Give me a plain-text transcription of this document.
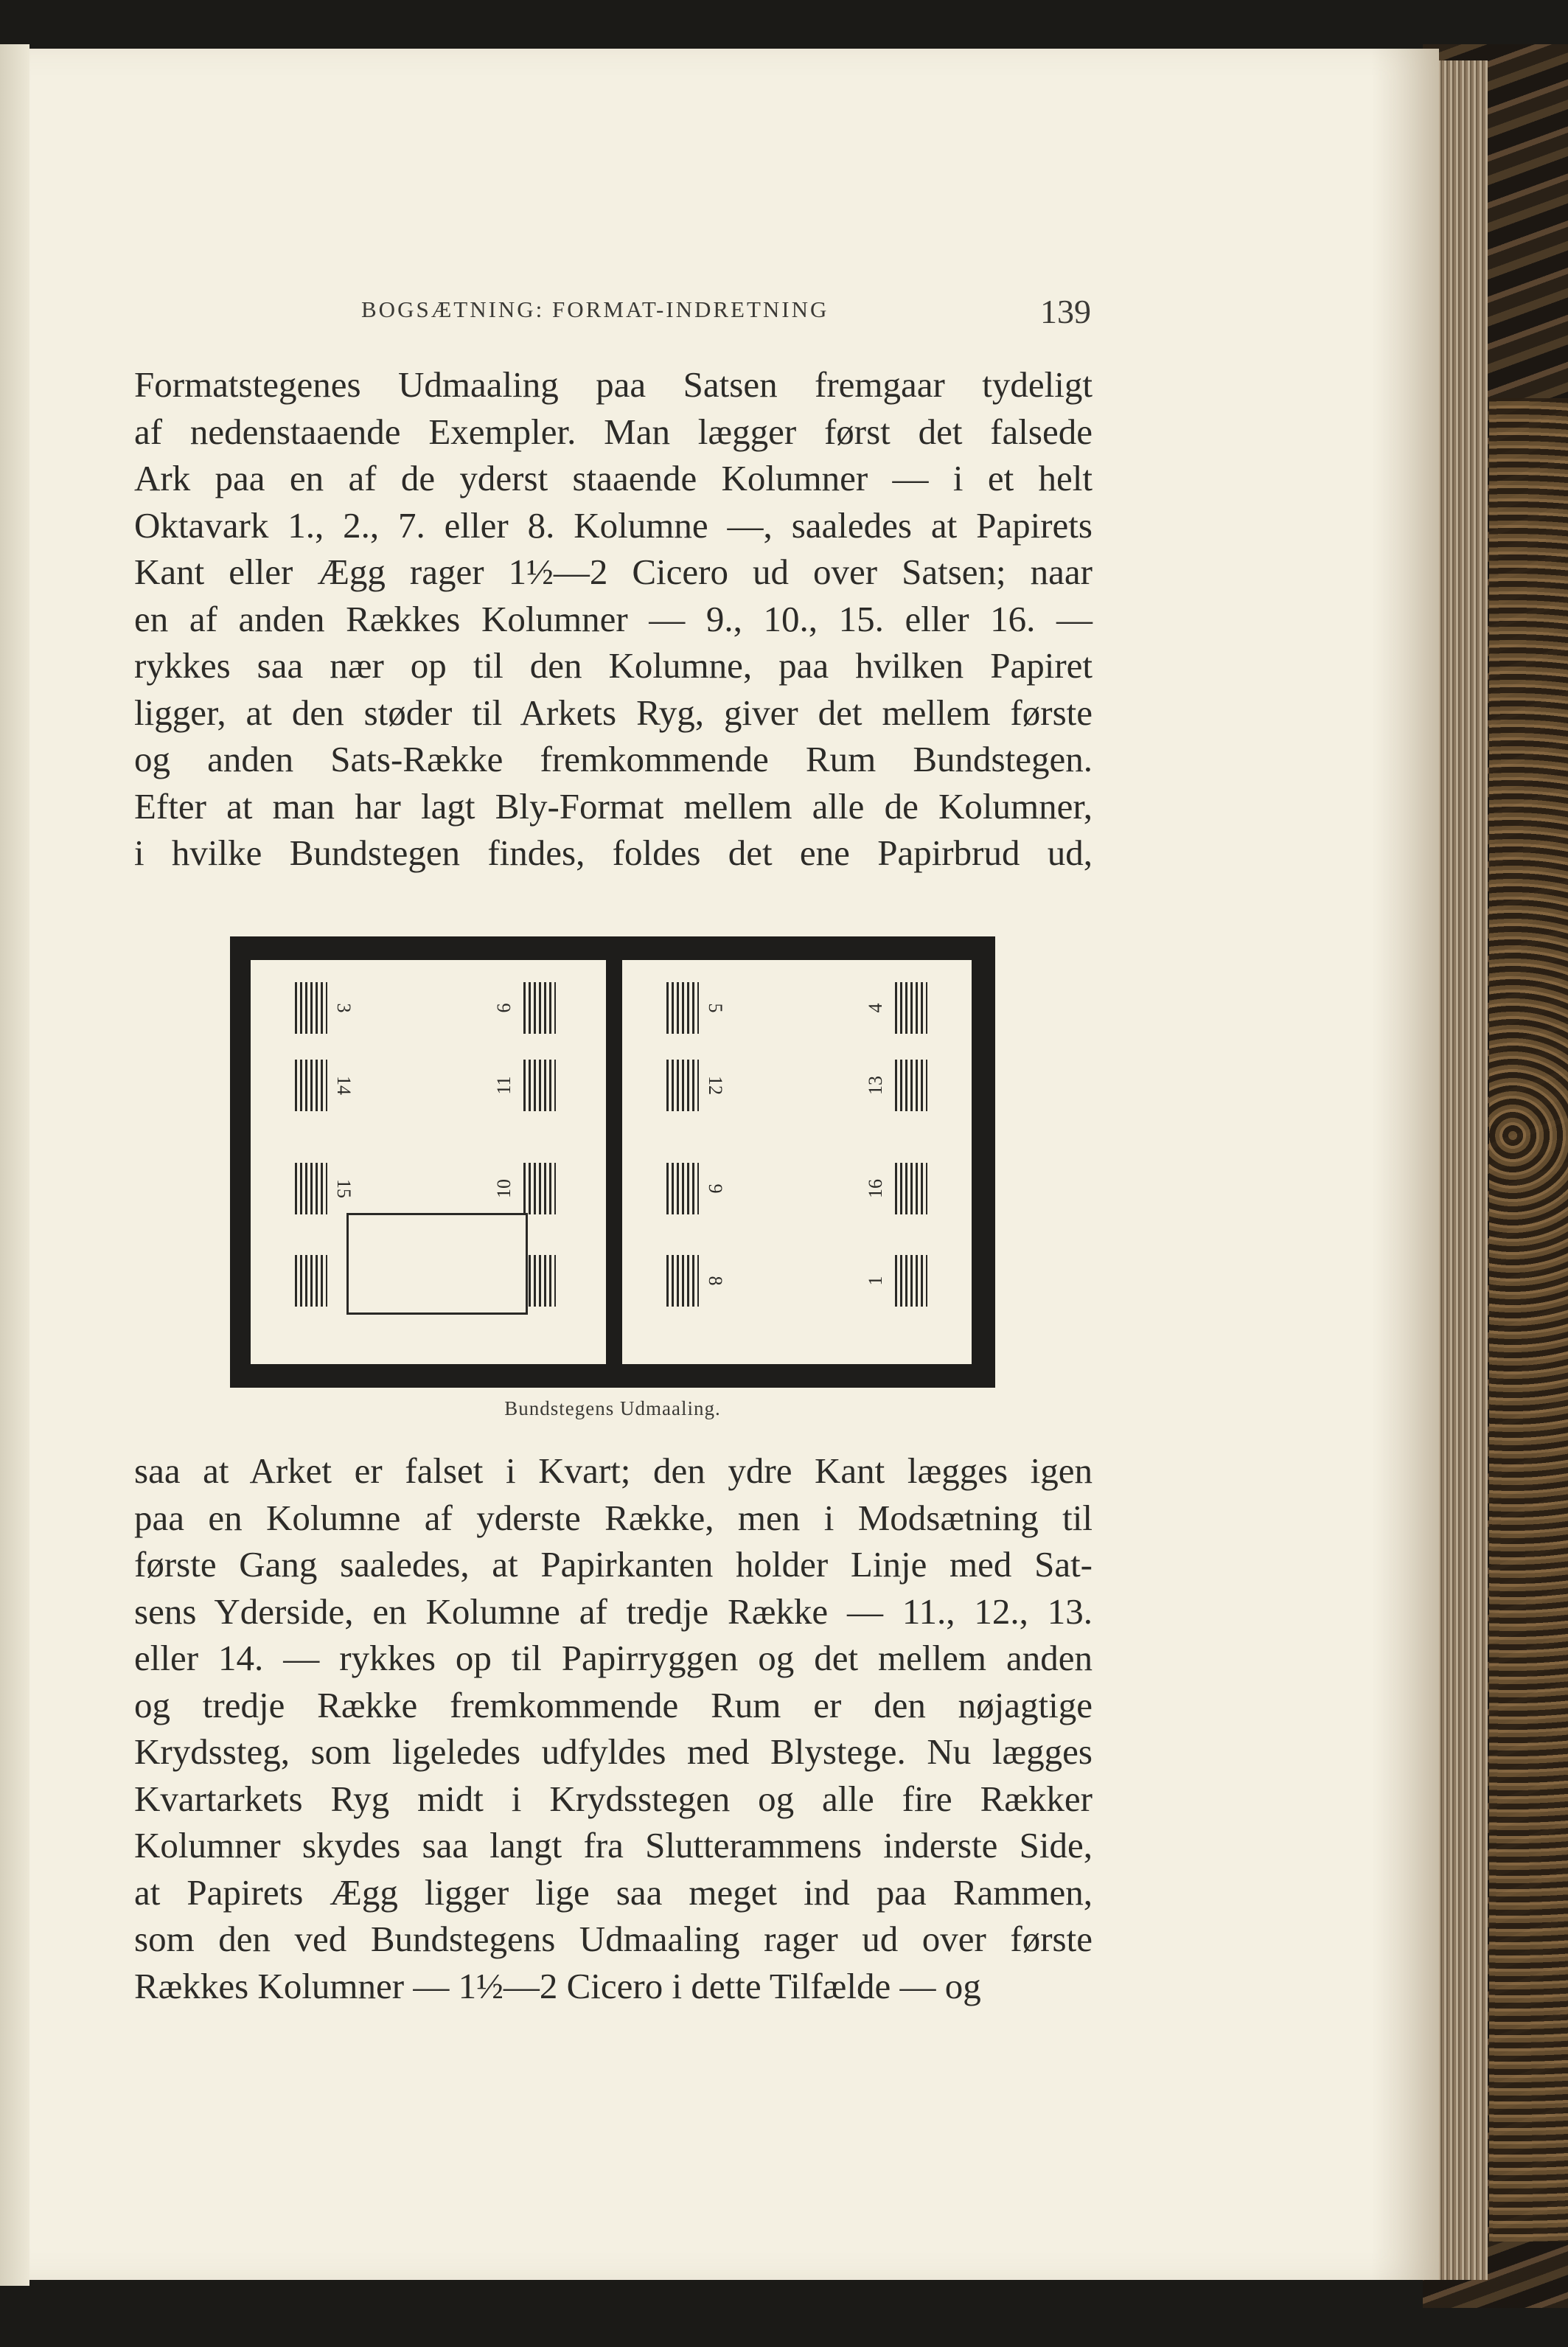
BOGSÆTNING: FORMAT-INDRETNING	139
Formatstegenes Udmaaling paa Satsen fremgaar tydeligt
af nedenstaaende Exempler. Man lægger først det falsede
Ark paa en af de yderst staaende Kolumner — i et helt
Oktavark 1., 2., 7. eller 8. Kolumne —, saaledes at Papirets
Kant eller Ægg rager 1½—2 Cicero ud over Satsen; naar
en af anden Rækkes Kolumner — 9., 10., 15. eller 16. —
rykkes saa nær op til den Kolumne, paa hvilken Papiret
ligger, at den støder til Arkets Ryg, giver det mellem første
og anden Sats-Række fremkommende Rum Bundstegen.
Efter at man har lagt Bly-Format mellem alle de Kolumner,
i hvilke Bundstegen findes, foldes det ene Papirbrud ud,
3	6
14	11
15	10
5	4
12	13
9	16
8	1
Bundstegens Udmaaling.
saa at Arket er falset i Kvart; den ydre Kant lægges igen
paa en Kolumne af yderste Række, men i Modsætning til
første Gang saaledes, at Papirkanten holder Linje med Sat-
sens Yderside, en Kolumne af tredje Række — 11., 12., 13.
eller 14. — rykkes op til Papirryggen og det mellem anden
og tredje Række fremkommende Rum er den nøjagtige
Krydssteg, som ligeledes udfyldes med Blystege. Nu lægges
Kvartarkets Ryg midt i Krydsstegen og alle fire Rækker
Kolumner skydes saa langt fra Slutterammens inderste Side,
at Papirets Ægg ligger lige saa meget ind paa Rammen,
som den ved Bundstegens Udmaaling rager ud over første
Rækkes Kolumner — 1½—2 Cicero i dette Tilfælde — og
